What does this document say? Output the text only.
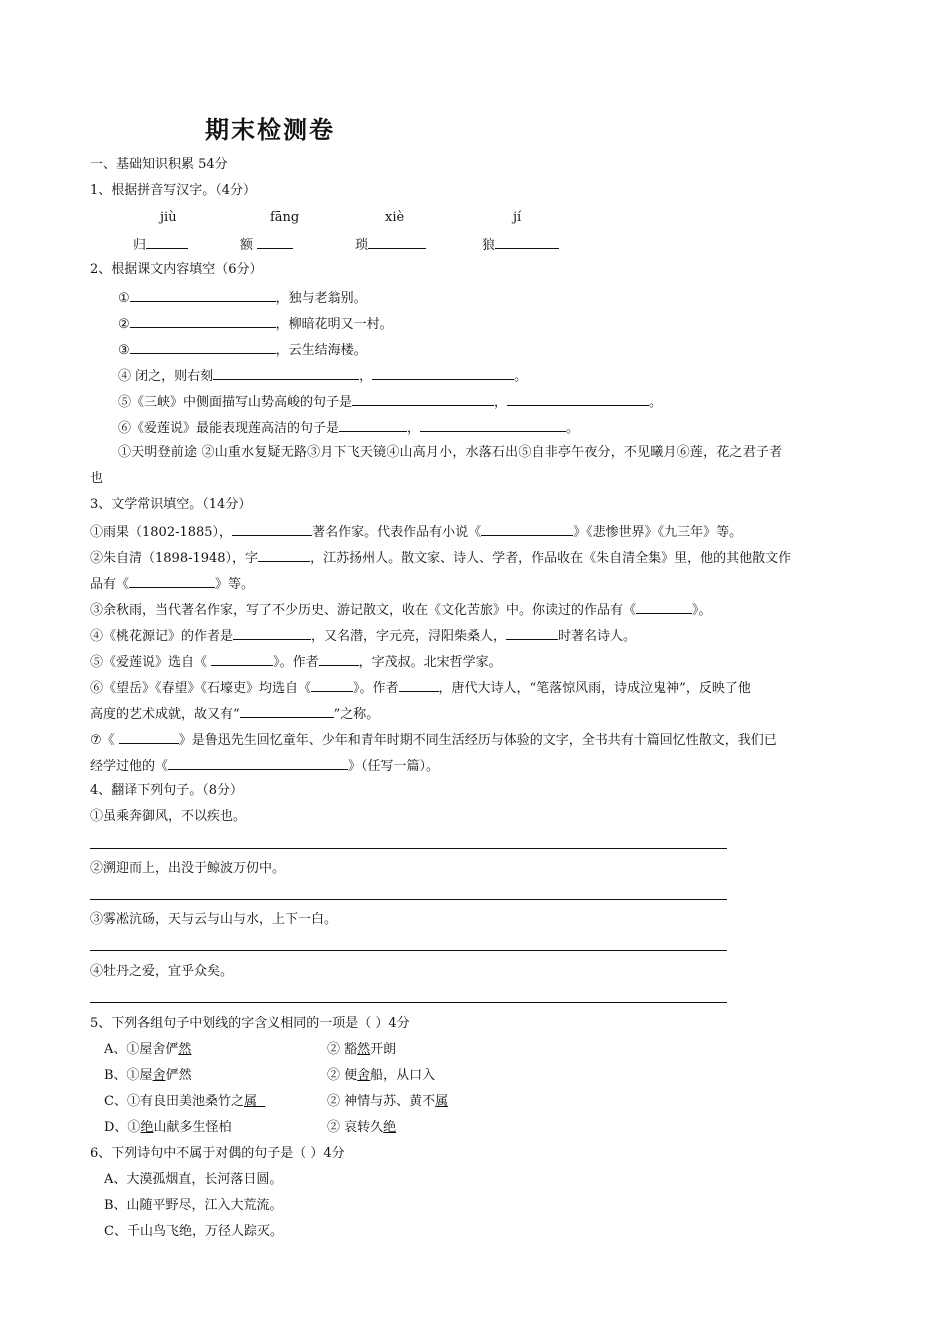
期末检测卷
一、基础知识积累 54分
1、根据拼音写汉字。（4分）
jiù	fāng	xiè	jí
归	额	琐	狼
2、根据课文内容填空（6分）
①	，独与老翁别。
②	，柳暗花明又一村。
③	，云生结海楼。
④ 闭之，则右刻	，	。
⑤《三峡》中侧面描写山势高峻的句子是	，	。
⑥《爱莲说》最能表现莲高洁的句子是	，	。
①天明登前途 ②山重水复疑无路③月下飞天镜④山高月小，水落石出⑤自非亭午夜分，不见曦月⑥莲，花之君子者
也
3、文学常识填空。（14分）
①雨果（1802-1885），	著名作家。代表作品有小说《	》《悲惨世界》《九三年》等。
②朱自清（1898-1948），字	，江苏扬州人。散文家、诗人、学者，作品收在《朱自清全集》里，他的其他散文作
品有《	》等。
③余秋雨，当代著名作家，写了不少历史、游记散文，收在《文化苦旅》中。你读过的作品有《	》。
④《桃花源记》的作者是	，又名潜，字元亮，浔阳柴桑人，	时著名诗人。
⑤《爱莲说》选自《	》。作者	，字茂叔。北宋哲学家。
⑥《望岳》《春望》《石壕吏》均选自《	》。作者	，唐代大诗人，“笔落惊风雨，诗成泣鬼神”，反映了他
高度的艺术成就，故又有“	”之称。
⑦《	》是鲁迅先生回忆童年、少年和青年时期不同生活经历与体验的文字，全书共有十篇回忆性散文，我们已
经学过他的《	》（任写一篇）。
4、翻译下列句子。（8分）
①虽乘奔御风，不以疾也。
②溯迎而上，出没于鲸波万仞中。
③雾凇沆砀，天与云与山与水，上下一白。
④牡丹之爱，宜乎众矣。
5、下列各组句子中划线的字含义相同的一项是（ ）4分
A、①屋舍俨然	② 豁然开朗
B、①屋舍俨然	② 便舍船，从口入
C、①有良田美池桑竹之属	② 神情与苏、黄不属
D、①绝山献多生怪柏	② 哀转久绝
6、下列诗句中不属于对偶的句子是（ ）4分
A、大漠孤烟直，长河落日圆。
B、山随平野尽，江入大荒流。
C、千山鸟飞绝，万径人踪灭。
